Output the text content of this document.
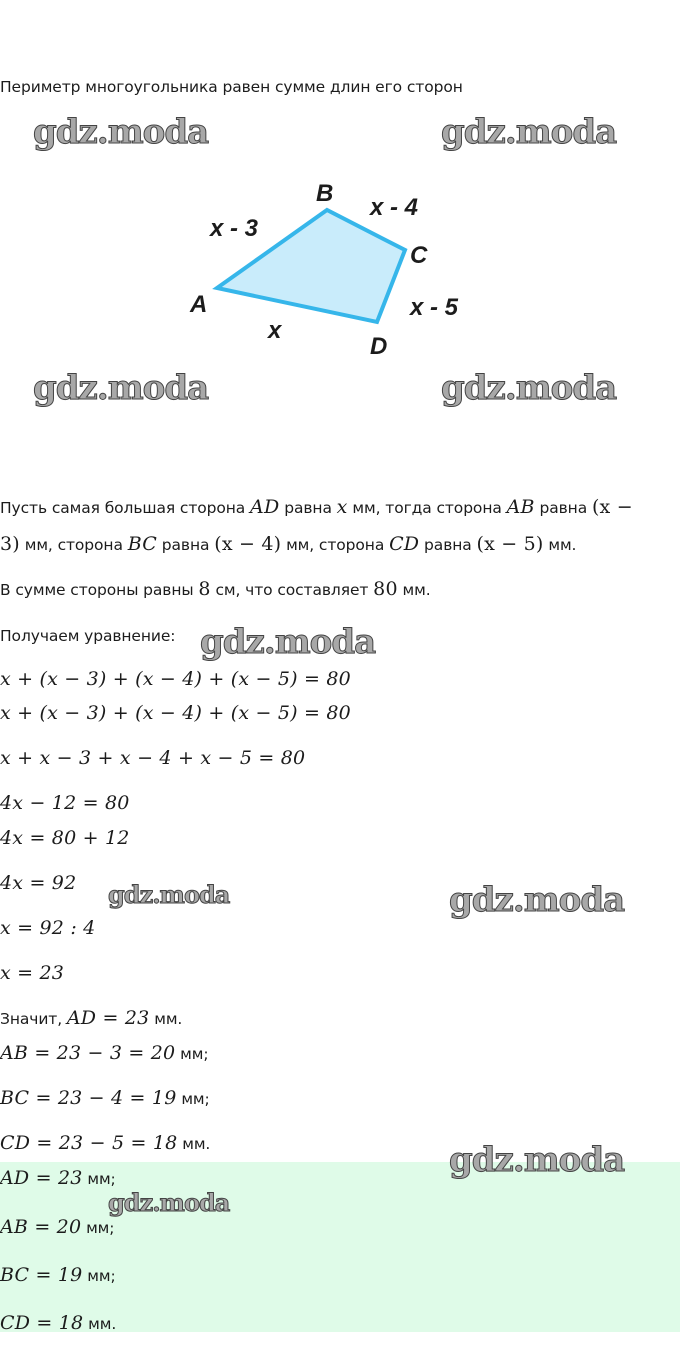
Периметр многоугольника равен сумме длин его сторон
gdz.moda	gdz.moda
B
C
A
D
x - 3
x - 4
x - 5
x
gdz.moda	gdz.moda
Пусть самая большая сторона AD равна x мм, тогда сторона AB равна (x −
3) мм, сторона BC равна (x − 4) мм, сторона CD равна (x − 5) мм.
В сумме стороны равны 8 см, что составляет 80 мм.
Получаем уравнение: gdz.moda
x + (x − 3) + (x − 4) + (x − 5) = 80
x + (x − 3) + (x − 4) + (x − 5) = 80
x + x − 3 + x − 4 + x − 5 = 80
4x − 12 = 80
4x = 80 + 12
4x = 92
x = 92 : 4
x = 23
gdz.moda	gdz.moda
Значит, AD = 23 мм.
AB = 23 − 3 = 20 мм;
BC = 23 − 4 = 19 мм;
CD = 23 − 5 = 18 мм.
AD = 23 мм;
AB = 20 мм;
BC = 19 мм;
CD = 18 мм.
gdz.moda
gdz.moda
